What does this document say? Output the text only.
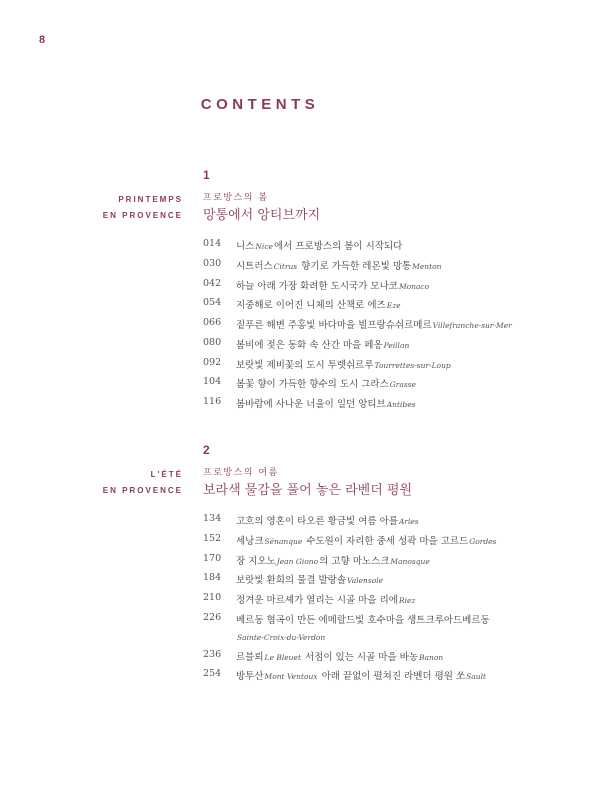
8
CONTENTS
1
PRINTEMPS
EN PROVENCE
프로방스의 봄
망통에서 앙티브까지
014	니스Nice에서 프로방스의 봄이 시작되다
030	시트러스Citrus 향기로 가득한 레몬빛 망통Menton
042	하늘 아래 가장 화려한 도시국가 모나코Monaco
054	지중해로 이어진 니체의 산책로 에즈Eze
066	짙푸른 해변 주홍빛 바다마을 빌프랑슈쉬르메르Villefranche-sur-Mer
080	봄비에 젖은 동화 속 산간 마을 페옹Peillon
092	보랏빛 제비꽃의 도시 투렛쉬르루Tourrettes-sur-Loup
104	봄꽃 향이 가득한 향수의 도시 그라스Grasse
116	봄바람에 사나운 너울이 일던 앙티브Antibes
2
L'ÉTÉ
EN PROVENCE
프로방스의 여름
보라색 물감을 풀어 놓은 라벤더 평원
134	고흐의 영혼이 타오른 황금빛 여름 아를Arles
152	세낭크Sénanque 수도원이 자리한 중세 성곽 마을 고르드Gordes
170	장 지오노Jean Giono의 고향 마노스크Manosque
184	보랏빛 환희의 물결 발랑솔Valensole
210	정겨운 마르셰가 열리는 시골 마을 리에Riez
226	베르동 협곡이 만든 에메랄드빛 호수마을 생트크루아드베르동
Sainte-Croix-du-Verdon
236	르블뢰Le Bleuet 서점이 있는 시골 마을 바농Banon
254	방투산Mont Ventoux 아래 끝없이 펼쳐진 라벤더 평원 쏘Sault
